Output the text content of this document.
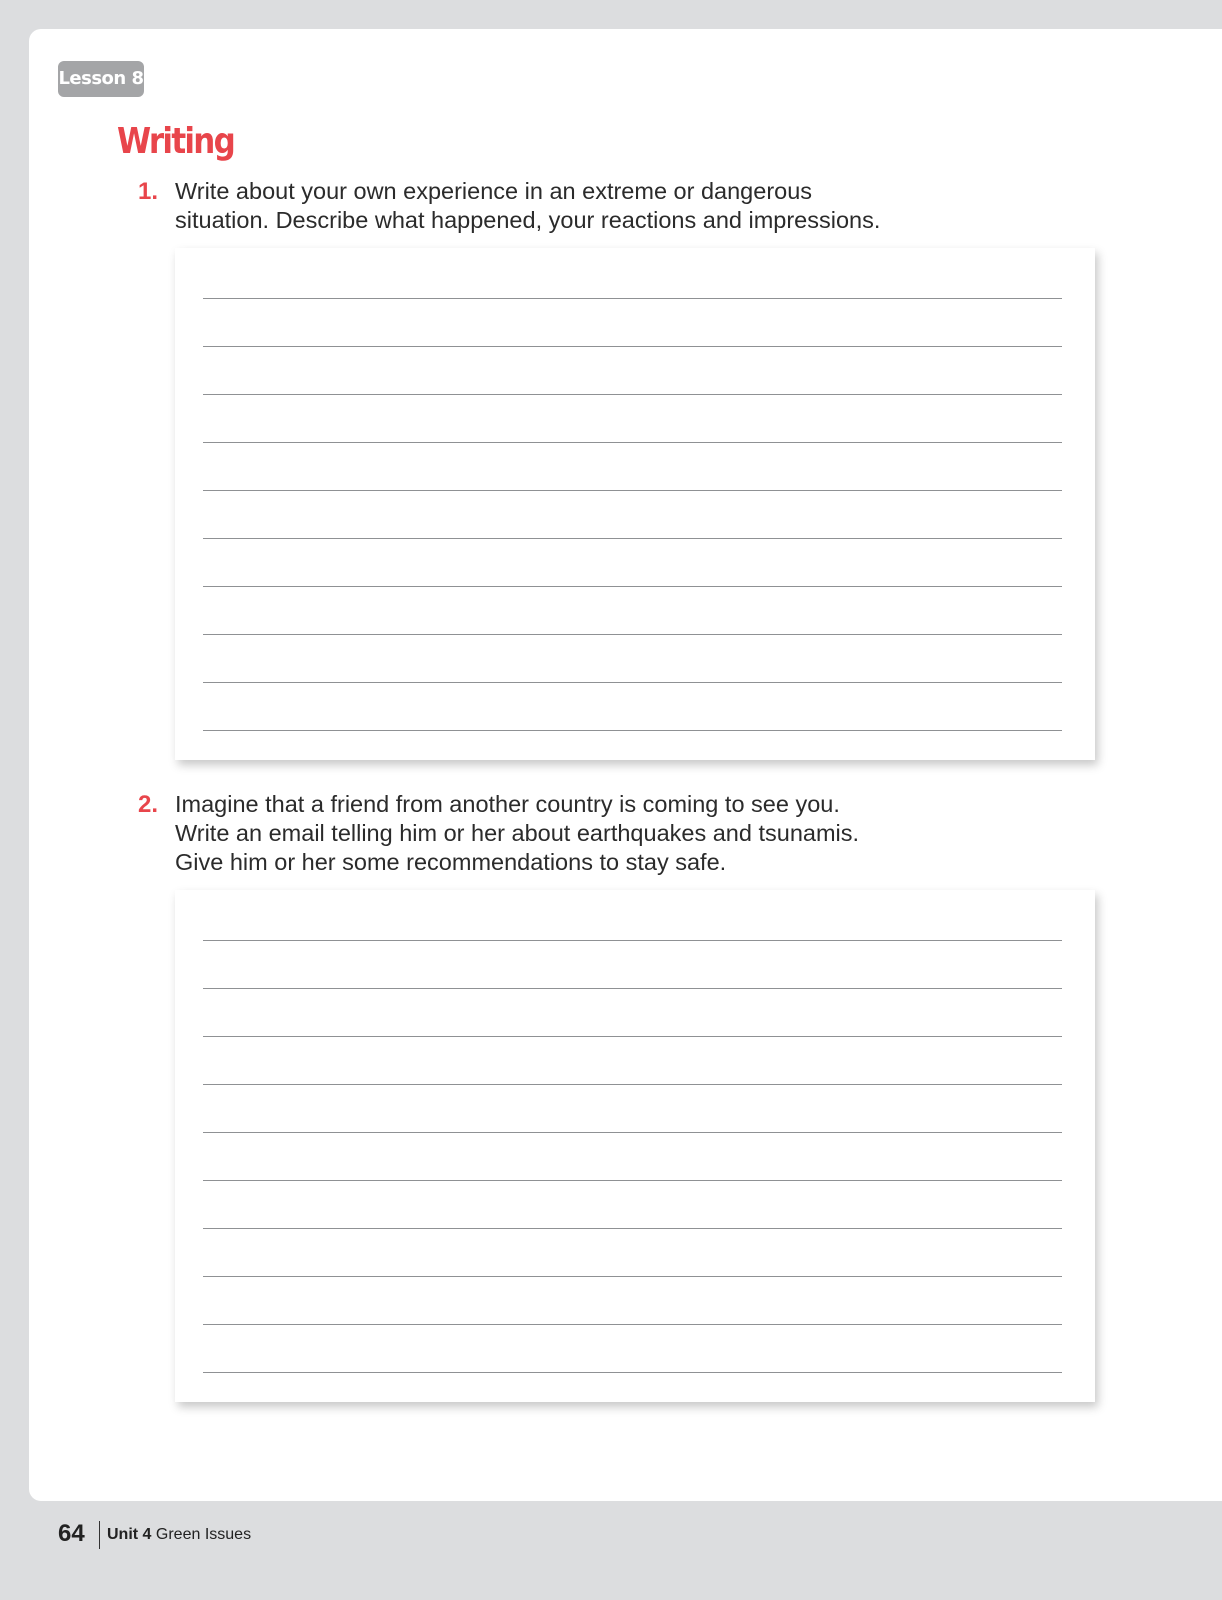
Lesson 8
Writing
1. Write about your own experience in an extreme or dangerous
situation. Describe what happened, your reactions and impressions.
2. Imagine that a friend from another country is coming to see you.
Write an email telling him or her about earthquakes and tsunamis.
Give him or her some recommendations to stay safe.
64 Unit 4 Green Issues
